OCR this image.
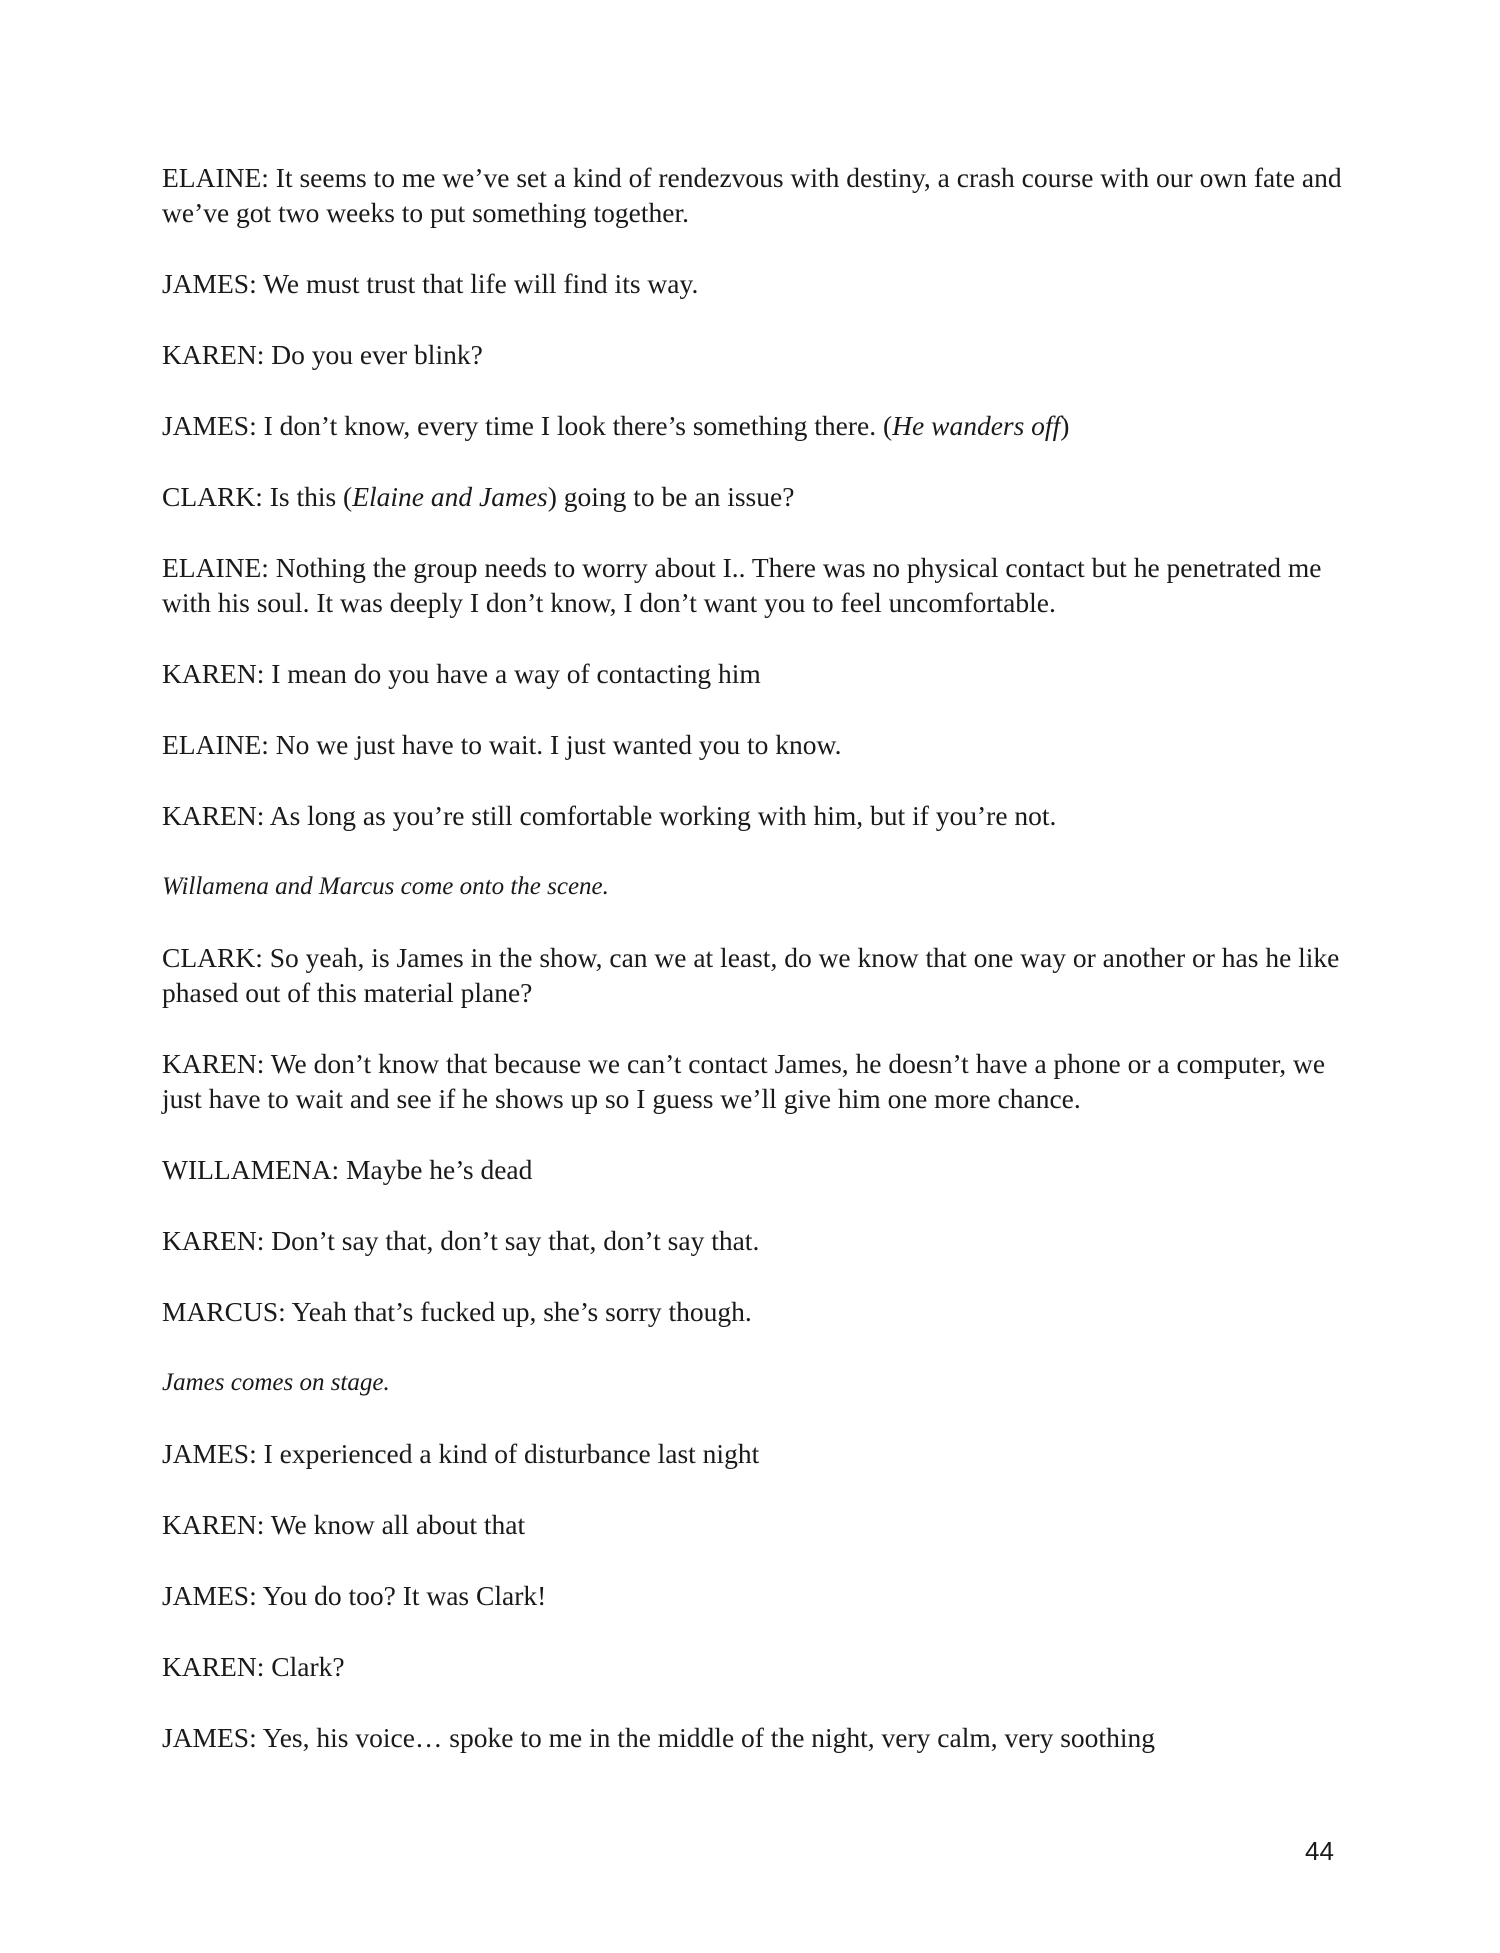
ELAINE: It seems to me we’ve set a kind of rendezvous with destiny, a crash course with our own fate and we’ve got two weeks to put something together.

JAMES: We must trust that life will find its way.

KAREN: Do you ever blink?

JAMES: I don’t know, every time I look there’s something there. (He wanders off)

CLARK: Is this (Elaine and James) going to be an issue?

ELAINE: Nothing the group needs to worry about I.. There was no physical contact but he penetrated me with his soul. It was deeply I don’t know, I don’t want you to feel uncomfortable.

KAREN: I mean do you have a way of contacting him

ELAINE: No we just have to wait. I just wanted you to know.

KAREN: As long as you’re still comfortable working with him, but if you’re not.

Willamena and Marcus come onto the scene.

CLARK: So yeah, is James in the show, can we at least, do we know that one way or another or has he like phased out of this material plane?

KAREN: We don’t know that because we can’t contact James, he doesn’t have a phone or a computer, we just have to wait and see if he shows up so I guess we’ll give him one more chance.

WILLAMENA: Maybe he’s dead

KAREN: Don’t say that, don’t say that, don’t say that.

MARCUS: Yeah that’s fucked up, she’s sorry though.

James comes on stage.

JAMES: I experienced a kind of disturbance last night

KAREN: We know all about that

JAMES: You do too? It was Clark!

KAREN: Clark?

JAMES: Yes, his voice… spoke to me in the middle of the night, very calm, very soothing

44
